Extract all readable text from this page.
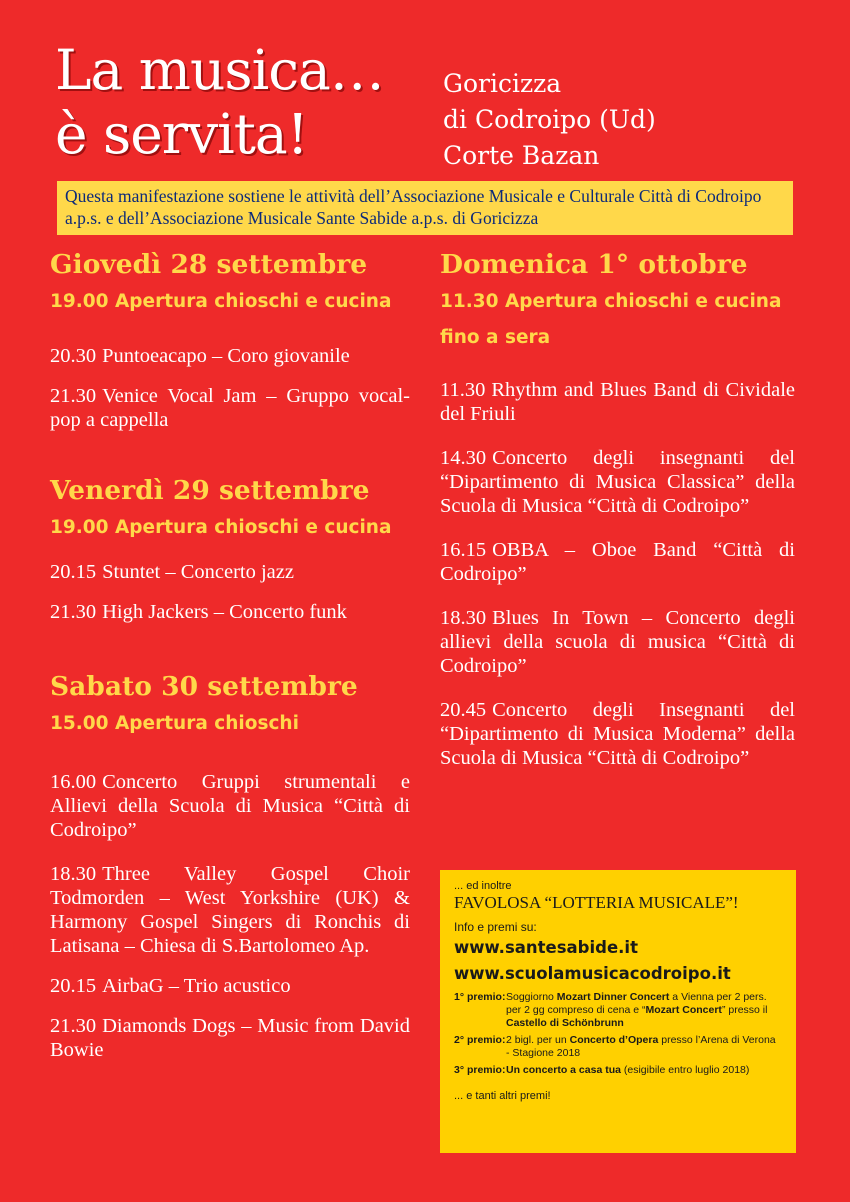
La musica…
è servita!
Goricizza
di Codroipo (Ud)
Corte Bazan
Questa manifestazione sostiene le attività dell’Associazione Musicale e Culturale Città di Codroipo a.p.s. e dell’Associazione Musicale Sante Sabide a.p.s. di Goricizza
Giovedì 28 settembre
19.00 Apertura chioschi e cucina
20.30 Puntoeacapo – Coro giovanile
21.30 Venice Vocal Jam – Gruppo vocal-pop a cappella
Venerdì 29 settembre
19.00 Apertura chioschi e cucina
20.15 Stuntet – Concerto jazz
21.30 High Jackers – Concerto funk
Sabato 30 settembre
15.00 Apertura chioschi
16.00 Concerto Gruppi strumentali e Allievi della Scuola di Musica “Città di Codroipo”
18.30 Three Valley Gospel Choir Todmorden – West Yorkshire (UK) & Harmony Gospel Singers di Ronchis di Latisana – Chiesa di S.Bartolomeo Ap.
20.15 AirbaG – Trio acustico
21.30 Diamonds Dogs – Music from David Bowie
Domenica 1° ottobre
11.30 Apertura chioschi e cucina fino a sera
11.30 Rhythm and Blues Band di Cividale del Friuli
14.30 Concerto degli insegnanti del “Dipartimento di Musica Classica” della Scuola di Musica “Città di Codroipo”
16.15 OBBA – Oboe Band “Città di Codroipo”
18.30 Blues In Town – Concerto degli allievi della scuola di musica “Città di Codroipo”
20.45 Concerto degli Insegnanti del “Dipartimento di Musica Moderna” della Scuola di Musica “Città di Codroipo”
... ed inoltre
FAVOLOSA “LOTTERIA MUSICALE”!
Info e premi su:
www.santesabide.it
www.scuolamusicacodroipo.it
1° premio: Soggiorno Mozart Dinner Concert a Vienna per 2 pers. per 2 gg compreso di cena e “Mozart Concert” presso il Castello di Schönbrunn
2° premio: 2 bigl. per un Concerto d’Opera presso l’Arena di Verona - Stagione 2018
3° premio: Un concerto a casa tua (esigibile entro luglio 2018)
... e tanti altri premi!
